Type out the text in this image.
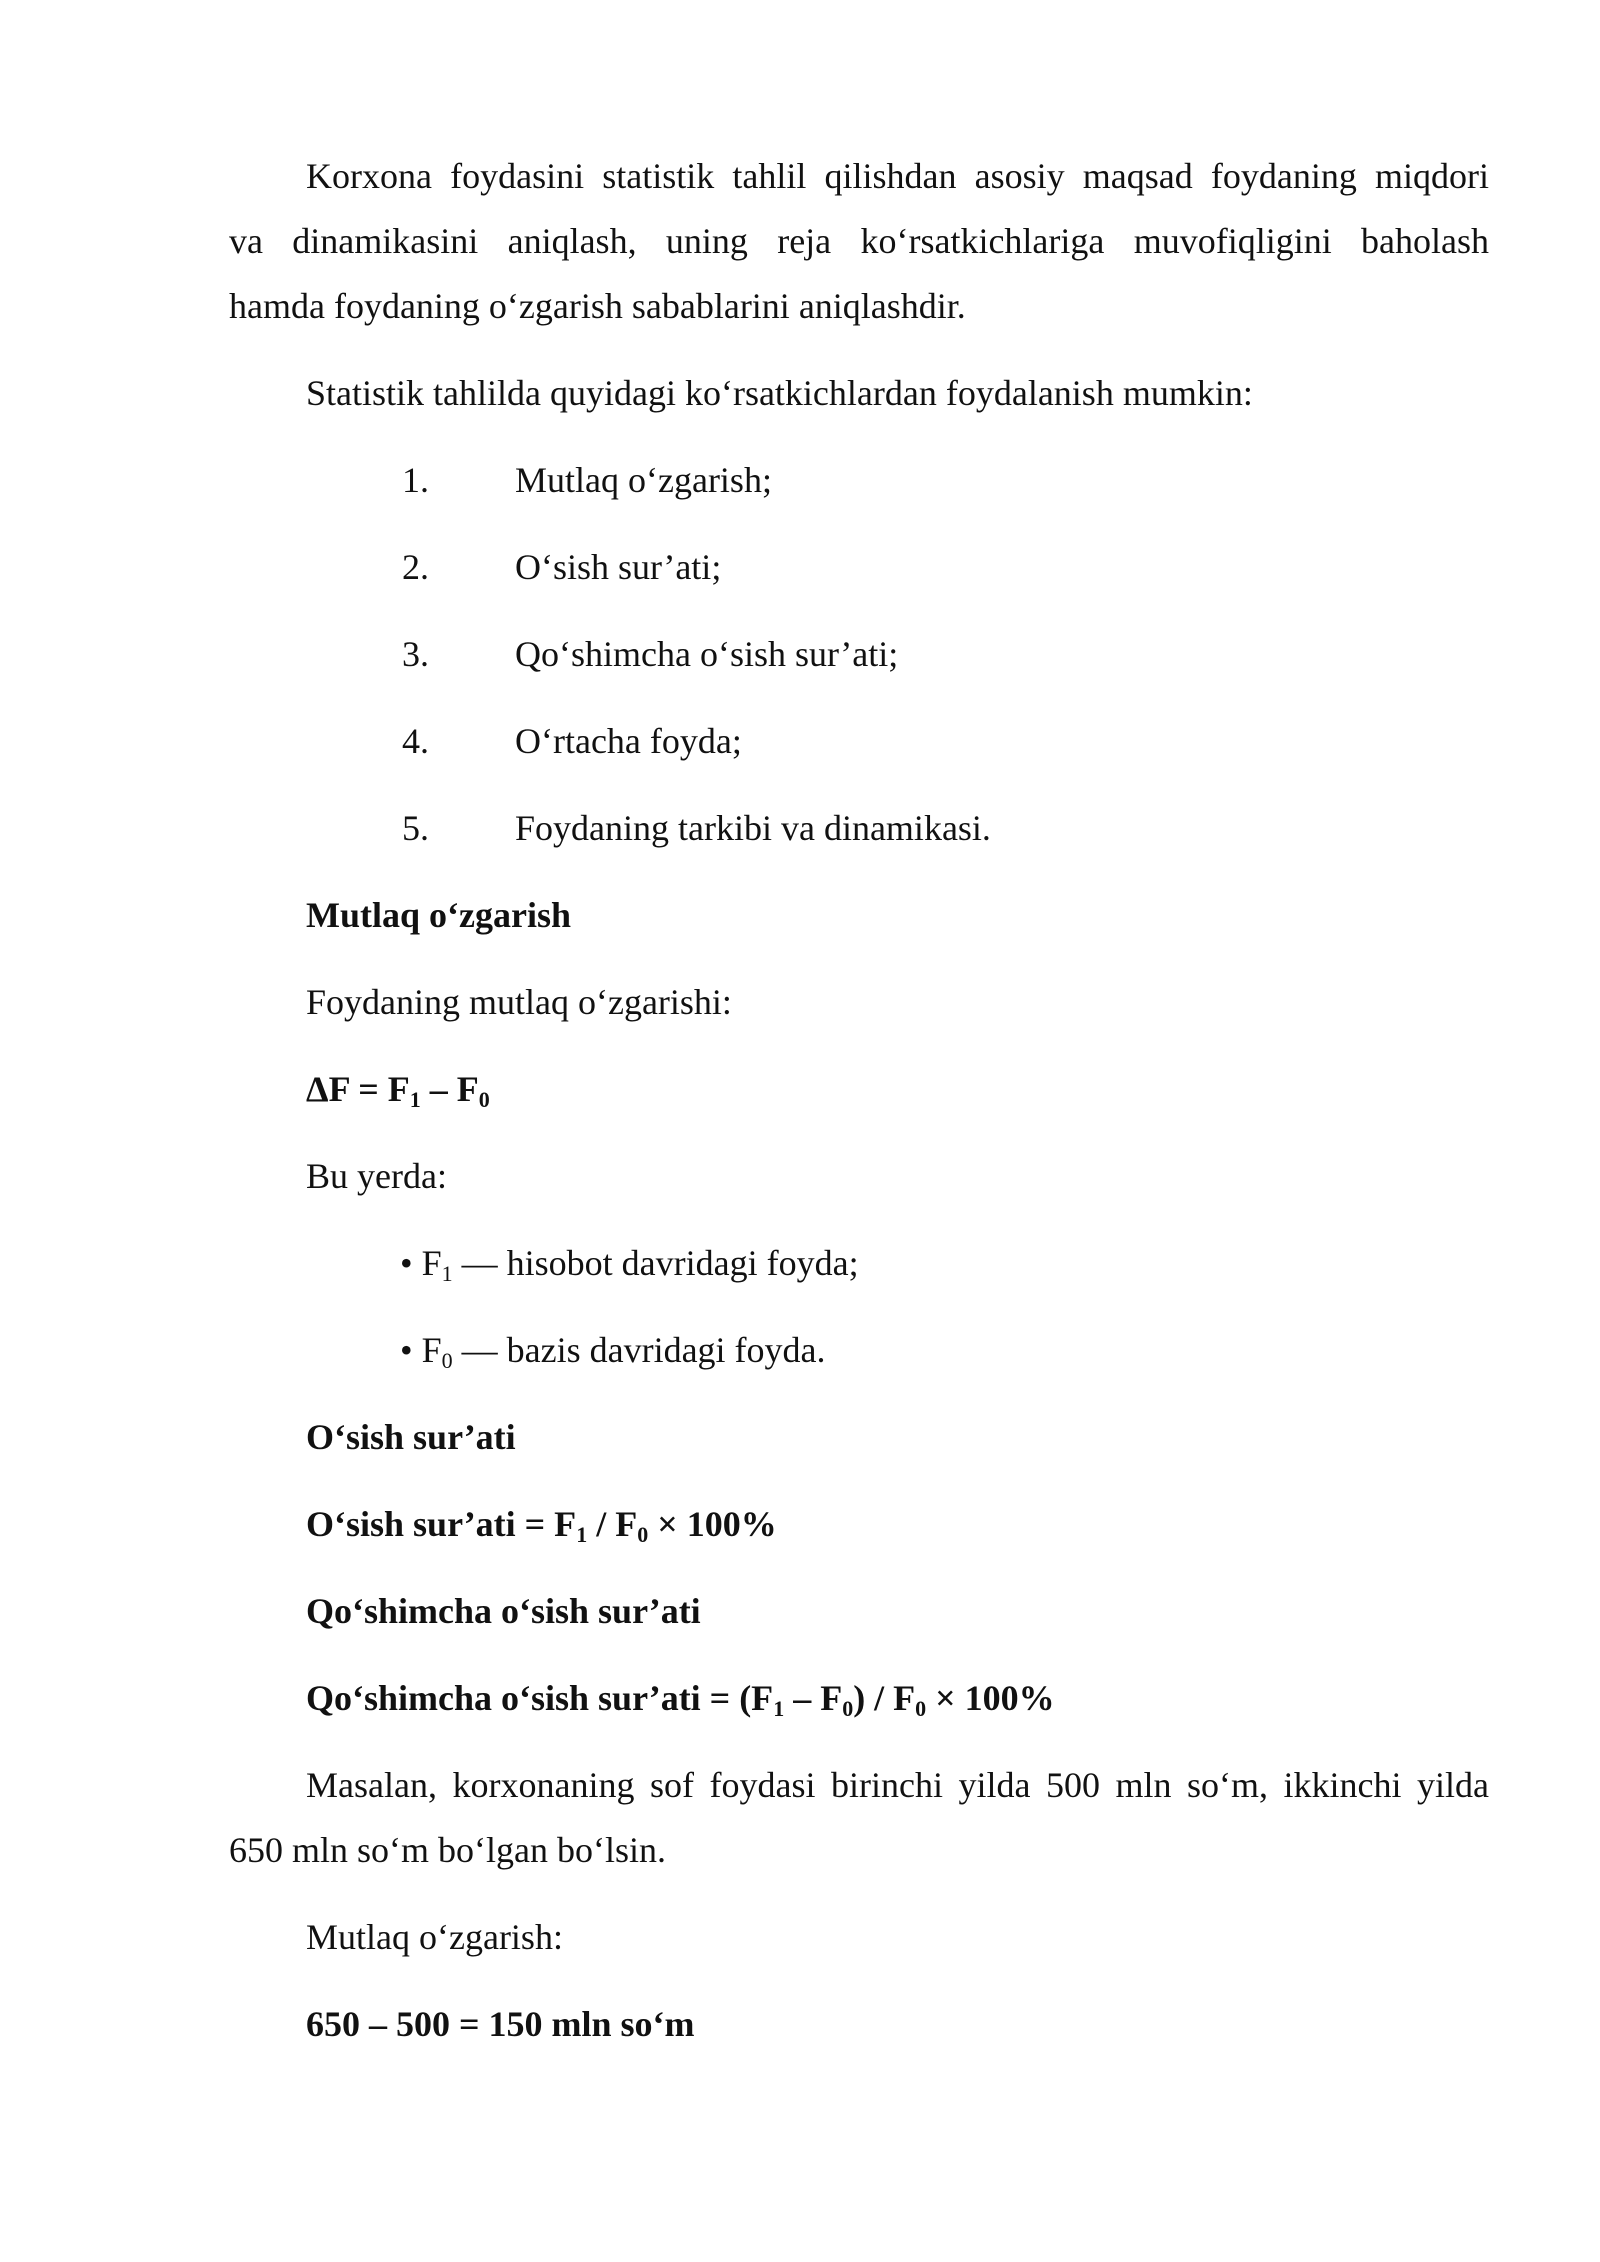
Korxona foydasini statistik tahlil qilishdan asosiy maqsad foydaning miqdori
va dinamikasini aniqlash, uning reja ko‘rsatkichlariga muvofiqligini baholash
hamda foydaning o‘zgarish sabablarini aniqlashdir.
Statistik tahlilda quyidagi ko‘rsatkichlardan foydalanish mumkin:
1. Mutlaq o‘zgarish;
2. O‘sish sur’ati;
3. Qo‘shimcha o‘sish sur’ati;
4. O‘rtacha foyda;
5. Foydaning tarkibi va dinamikasi.
Mutlaq o‘zgarish
Foydaning mutlaq o‘zgarishi:
$\Delta F = F_1 - F_0$
Bu yerda:
• $F_1$ — hisobot davridagi foyda;
• $F_0$ — bazis davridagi foyda.
O‘sish sur’ati
O‘sish sur’ati = $F_1 / F_0 \times 100\%$
Qo‘shimcha o‘sish sur’ati
Qo‘shimcha o‘sish sur’ati = $(F_1 - F_0) / F_0 \times 100\%$
Masalan, korxonaning sof foydasi birinchi yilda 500 mln so‘m, ikkinchi yilda
650 mln so‘m bo‘lgan bo‘lsin.
Mutlaq o‘zgarish:
650 – 500 = 150 mln so‘m
